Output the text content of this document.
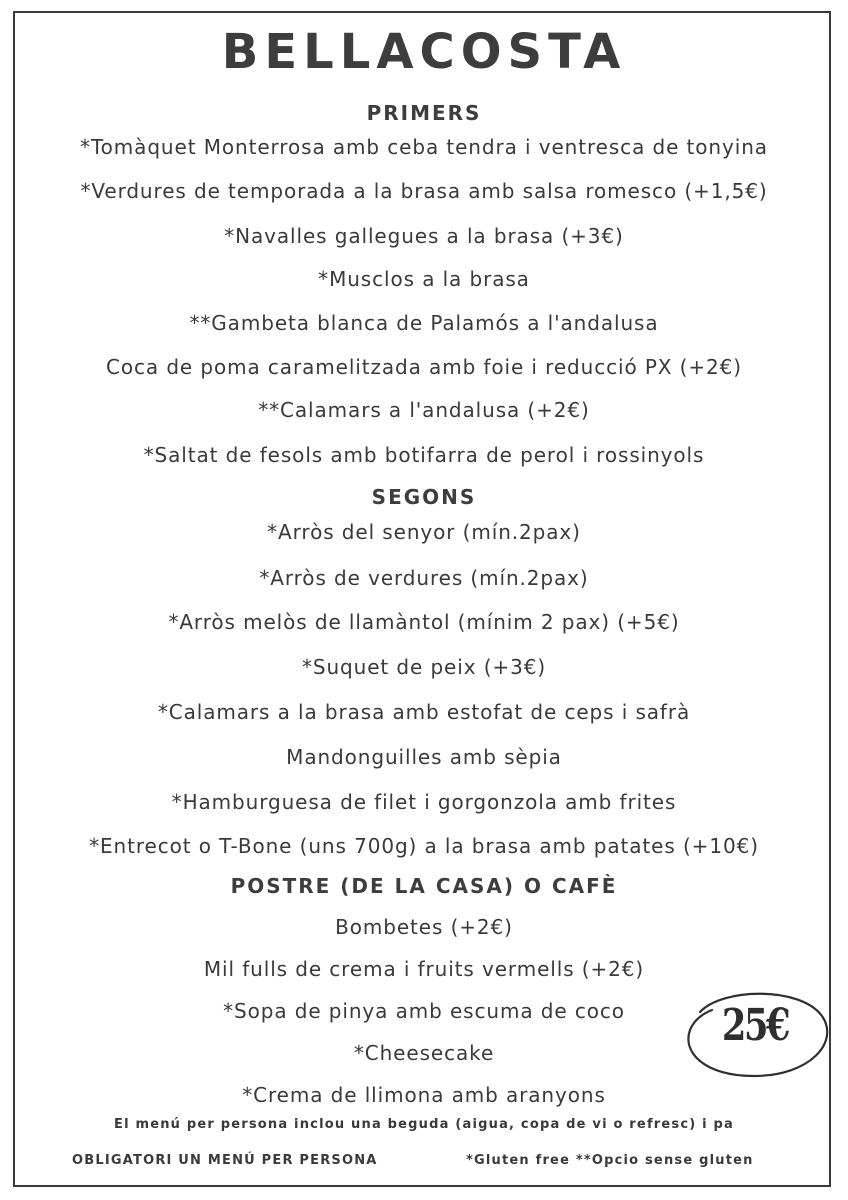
BELLACOSTA
PRIMERS
*Tomàquet Monterrosa amb ceba tendra i ventresca de tonyina
*Verdures de temporada a la brasa amb salsa romesco (+1,5€)
*Navalles gallegues a la brasa (+3€)
*Musclos a la brasa
**Gambeta blanca de Palamós a l'andalusa
Coca de poma caramelitzada amb foie i reducció PX (+2€)
**Calamars a l'andalusa (+2€)
*Saltat de fesols amb botifarra de perol i rossinyols
SEGONS
*Arròs del senyor (mín.2pax)
*Arròs de verdures (mín.2pax)
*Arròs melòs de llamàntol (mínim 2 pax) (+5€)
*Suquet de peix (+3€)
*Calamars a la brasa amb estofat de ceps i safrà
Mandonguilles amb sèpia
*Hamburguesa de filet i gorgonzola amb frites
*Entrecot o T-Bone (uns 700g) a la brasa amb patates (+10€)
POSTRE (DE LA CASA) O CAFÈ
Bombetes (+2€)
Mil fulls de crema i fruits vermells (+2€)
*Sopa de pinya amb escuma de coco
*Cheesecake
*Crema de llimona amb aranyons
25€
El menú per persona inclou una beguda (aigua, copa de vi o refresc) i pa
OBLIGATORI UN MENÚ PER PERSONA	*Gluten free **Opcio sense gluten
